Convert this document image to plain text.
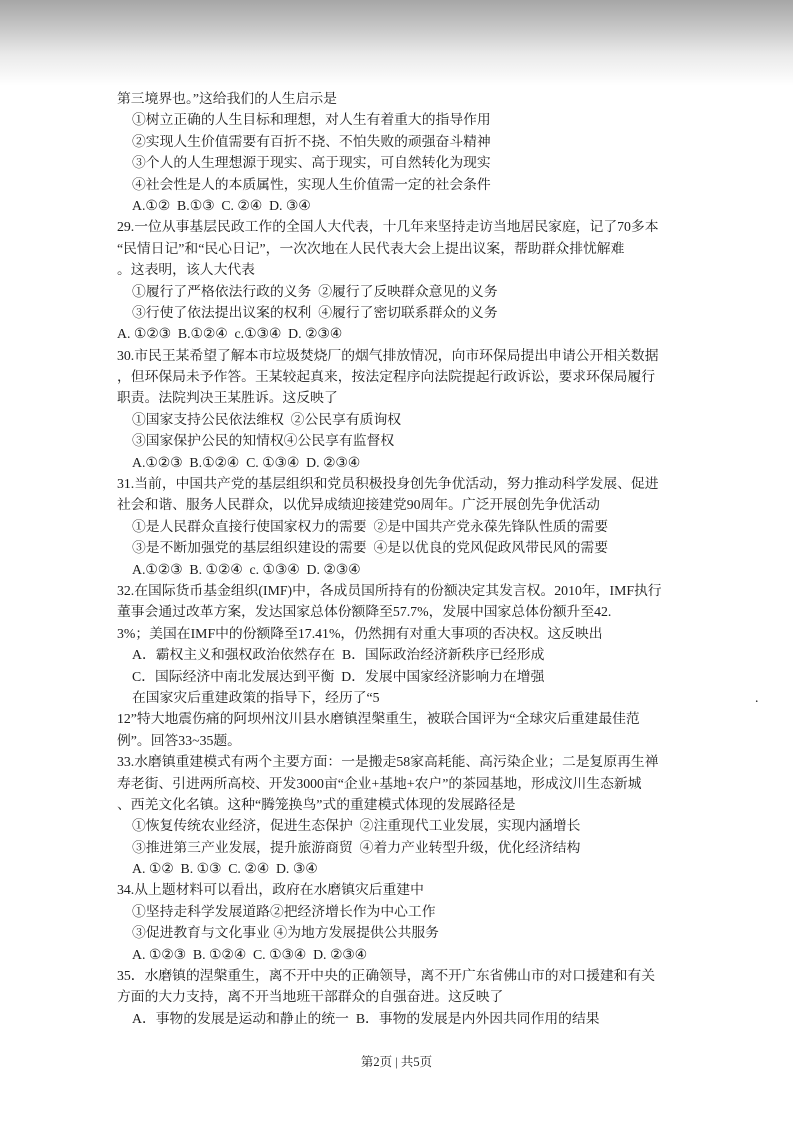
第三境界也。”这给我们的人生启示是
①树立正确的人生目标和理想，对人生有着重大的指导作用
②实现人生价值需要有百折不挠、不怕失败的顽强奋斗精神
③个人的人生理想源于现实、高于现实，可自然转化为现实
④社会性是人的本质属性，实现人生价值需一定的社会条件
A.①②  B.①③  C. ②④  D. ③④
29.一位从事基层民政工作的全国人大代表，十几年来坚持走访当地居民家庭，记了70多本
“民情日记”和“民心日记”，一次次地在人民代表大会上提出议案，帮助群众排忧解难
。这表明，该人大代表
①履行了严格依法行政的义务  ②履行了反映群众意见的义务
③行使了依法提出议案的权利  ④履行了密切联系群众的义务
A. ①②③  B.①②④  c.①③④  D. ②③④
30.市民王某希望了解本市垃圾焚烧厂的烟气排放情况，向市环保局提出申请公开相关数据
，但环保局未予作答。王某较起真来，按法定程序向法院提起行政诉讼，要求环保局履行
职责。法院判决王某胜诉。这反映了
①国家支持公民依法维权  ②公民享有质询权
③国家保护公民的知情权④公民享有监督权
A.①②③  B.①②④  C. ①③④  D. ②③④
31.当前，中国共产党的基层组织和党员积极投身创先争优活动，努力推动科学发展、促进
社会和谐、服务人民群众，以优异成绩迎接建党90周年。广泛开展创先争优活动
①是人民群众直接行使国家权力的需要  ②是中国共产党永葆先锋队性质的需要
③是不断加强党的基层组织建设的需要  ④是以优良的党风促政风带民风的需要
A.①②③  B. ①②④  c. ①③④  D. ②③④
32.在国际货币基金组织(IMF)中，各成员国所持有的份额决定其发言权。2010年，IMF执行
董事会通过改革方案，发达国家总体份额降至57.7%，发展中国家总体份额升至42.
3%；美国在IMF中的份额降至17.41%，仍然拥有对重大事项的否决权。这反映出
A．霸权主义和强权政治依然存在  B．国际政治经济新秩序已经形成
C．国际经济中南北发展达到平衡  D．发展中国家经济影响力在增强
在国家灾后重建政策的指导下，经历了“5	.
12”特大地震伤痛的阿坝州汶川县水磨镇涅槃重生，被联合国评为“全球灾后重建最佳范
例”。回答33~35题。
33.水磨镇重建模式有两个主要方面：一是搬走58家高耗能、高污染企业；二是复原再生禅
寿老街、引进两所高校、开发3000亩“企业+基地+农户”的茶园基地，形成汶川生态新城
、西羌文化名镇。这种“腾笼换鸟”式的重建模式体现的发展路径是
①恢复传统农业经济，促进生态保护  ②注重现代工业发展，实现内涵增长
③推进第三产业发展，提升旅游商贸  ④着力产业转型升级，优化经济结构
A. ①②  B. ①③  C. ②④  D. ③④
34.从上题材料可以看出，政府在水磨镇灾后重建中
①坚持走科学发展道路②把经济增长作为中心工作
③促进教育与文化事业 ④为地方发展提供公共服务
A. ①②③  B. ①②④  C. ①③④  D. ②③④
35．水磨镇的涅槃重生，离不开中央的正确领导，离不开广东省佛山市的对口援建和有关
方面的大力支持，离不开当地班干部群众的自强奋进。这反映了
A．事物的发展是运动和静止的统一  B．事物的发展是内外因共同作用的结果
第2页 | 共5页
